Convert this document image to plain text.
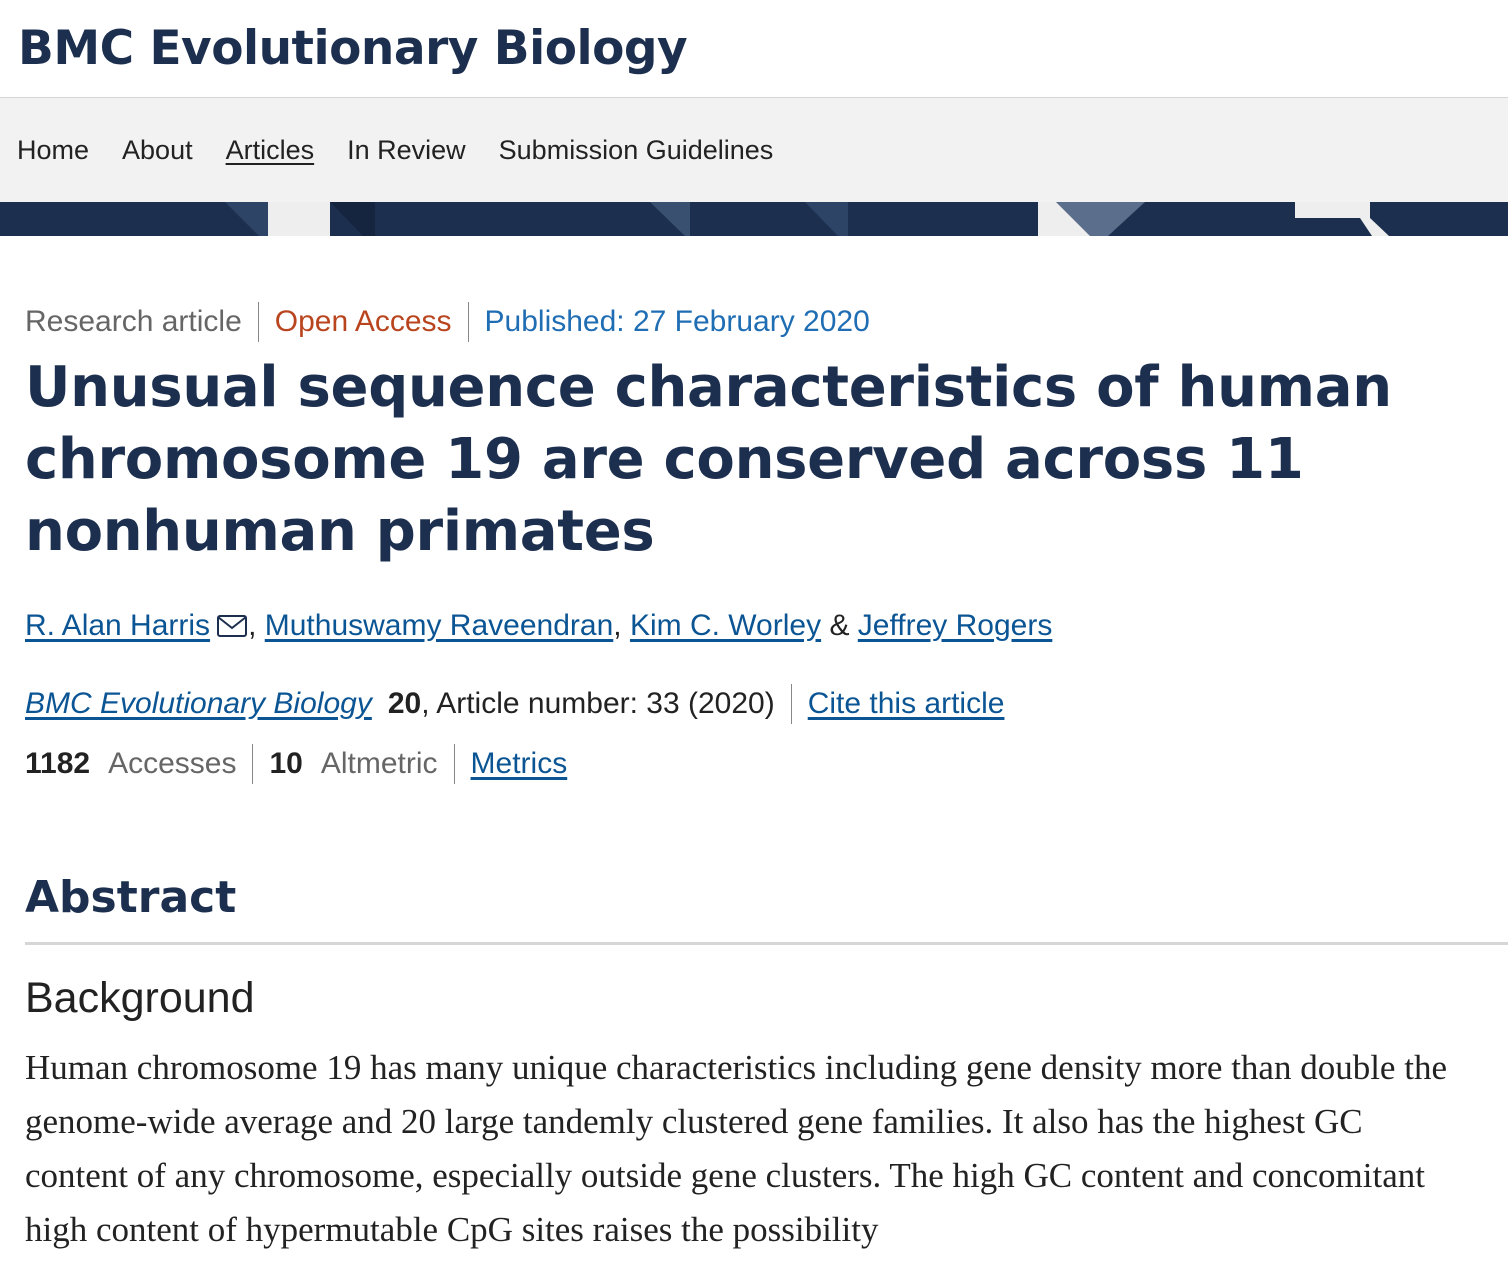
BMC Evolutionary Biology
Home About Articles In Review Submission Guidelines
Research article Open Access Published: 27 February 2020
Unusual sequence characteristics of human chromosome 19 are conserved across 11 nonhuman primates
R. Alan Harris ,
Muthuswamy Raveendran ,
Kim C. Worley
&
Jeffrey Rogers
BMC Evolutionary Biology 20 , Article number: 33 (2020) Cite this article
1182 Accesses 10 Altmetric Metrics
Abstract
Background

Human chromosome 19 has many unique characteristics including gene density more than double the genome-wide average and 20 large tandemly clustered gene families. It also has the highest GC content of any chromosome, especially outside gene clusters. The high GC content and concomitant high content of hypermutable CpG sites raises the possibility
